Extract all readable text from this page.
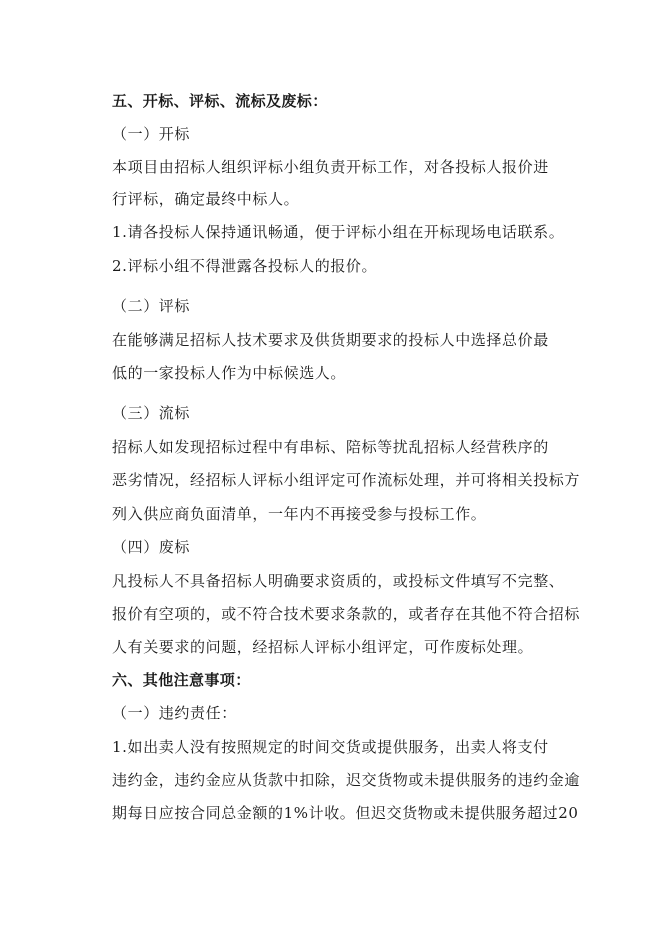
五、开标、评标、流标及废标：
（一）开标
本项目由招标人组织评标小组负责开标工作，对各投标人报价进
行评标，确定最终中标人。
1.请各投标人保持通讯畅通，便于评标小组在开标现场电话联系。
2.评标小组不得泄露各投标人的报价。
（二）评标
在能够满足招标人技术要求及供货期要求的投标人中选择总价最
低的一家投标人作为中标候选人。
（三）流标
招标人如发现招标过程中有串标、陪标等扰乱招标人经营秩序的
恶劣情况，经招标人评标小组评定可作流标处理，并可将相关投标方
列入供应商负面清单，一年内不再接受参与投标工作。
（四）废标
凡投标人不具备招标人明确要求资质的，或投标文件填写不完整、
报价有空项的，或不符合技术要求条款的，或者存在其他不符合招标
人有关要求的问题，经招标人评标小组评定，可作废标处理。
六、其他注意事项：
（一）违约责任：
1.如出卖人没有按照规定的时间交货或提供服务，出卖人将支付
违约金，违约金应从货款中扣除，迟交货物或未提供服务的违约金逾
期每日应按合同总金额的1%计收。但迟交货物或未提供服务超过20
